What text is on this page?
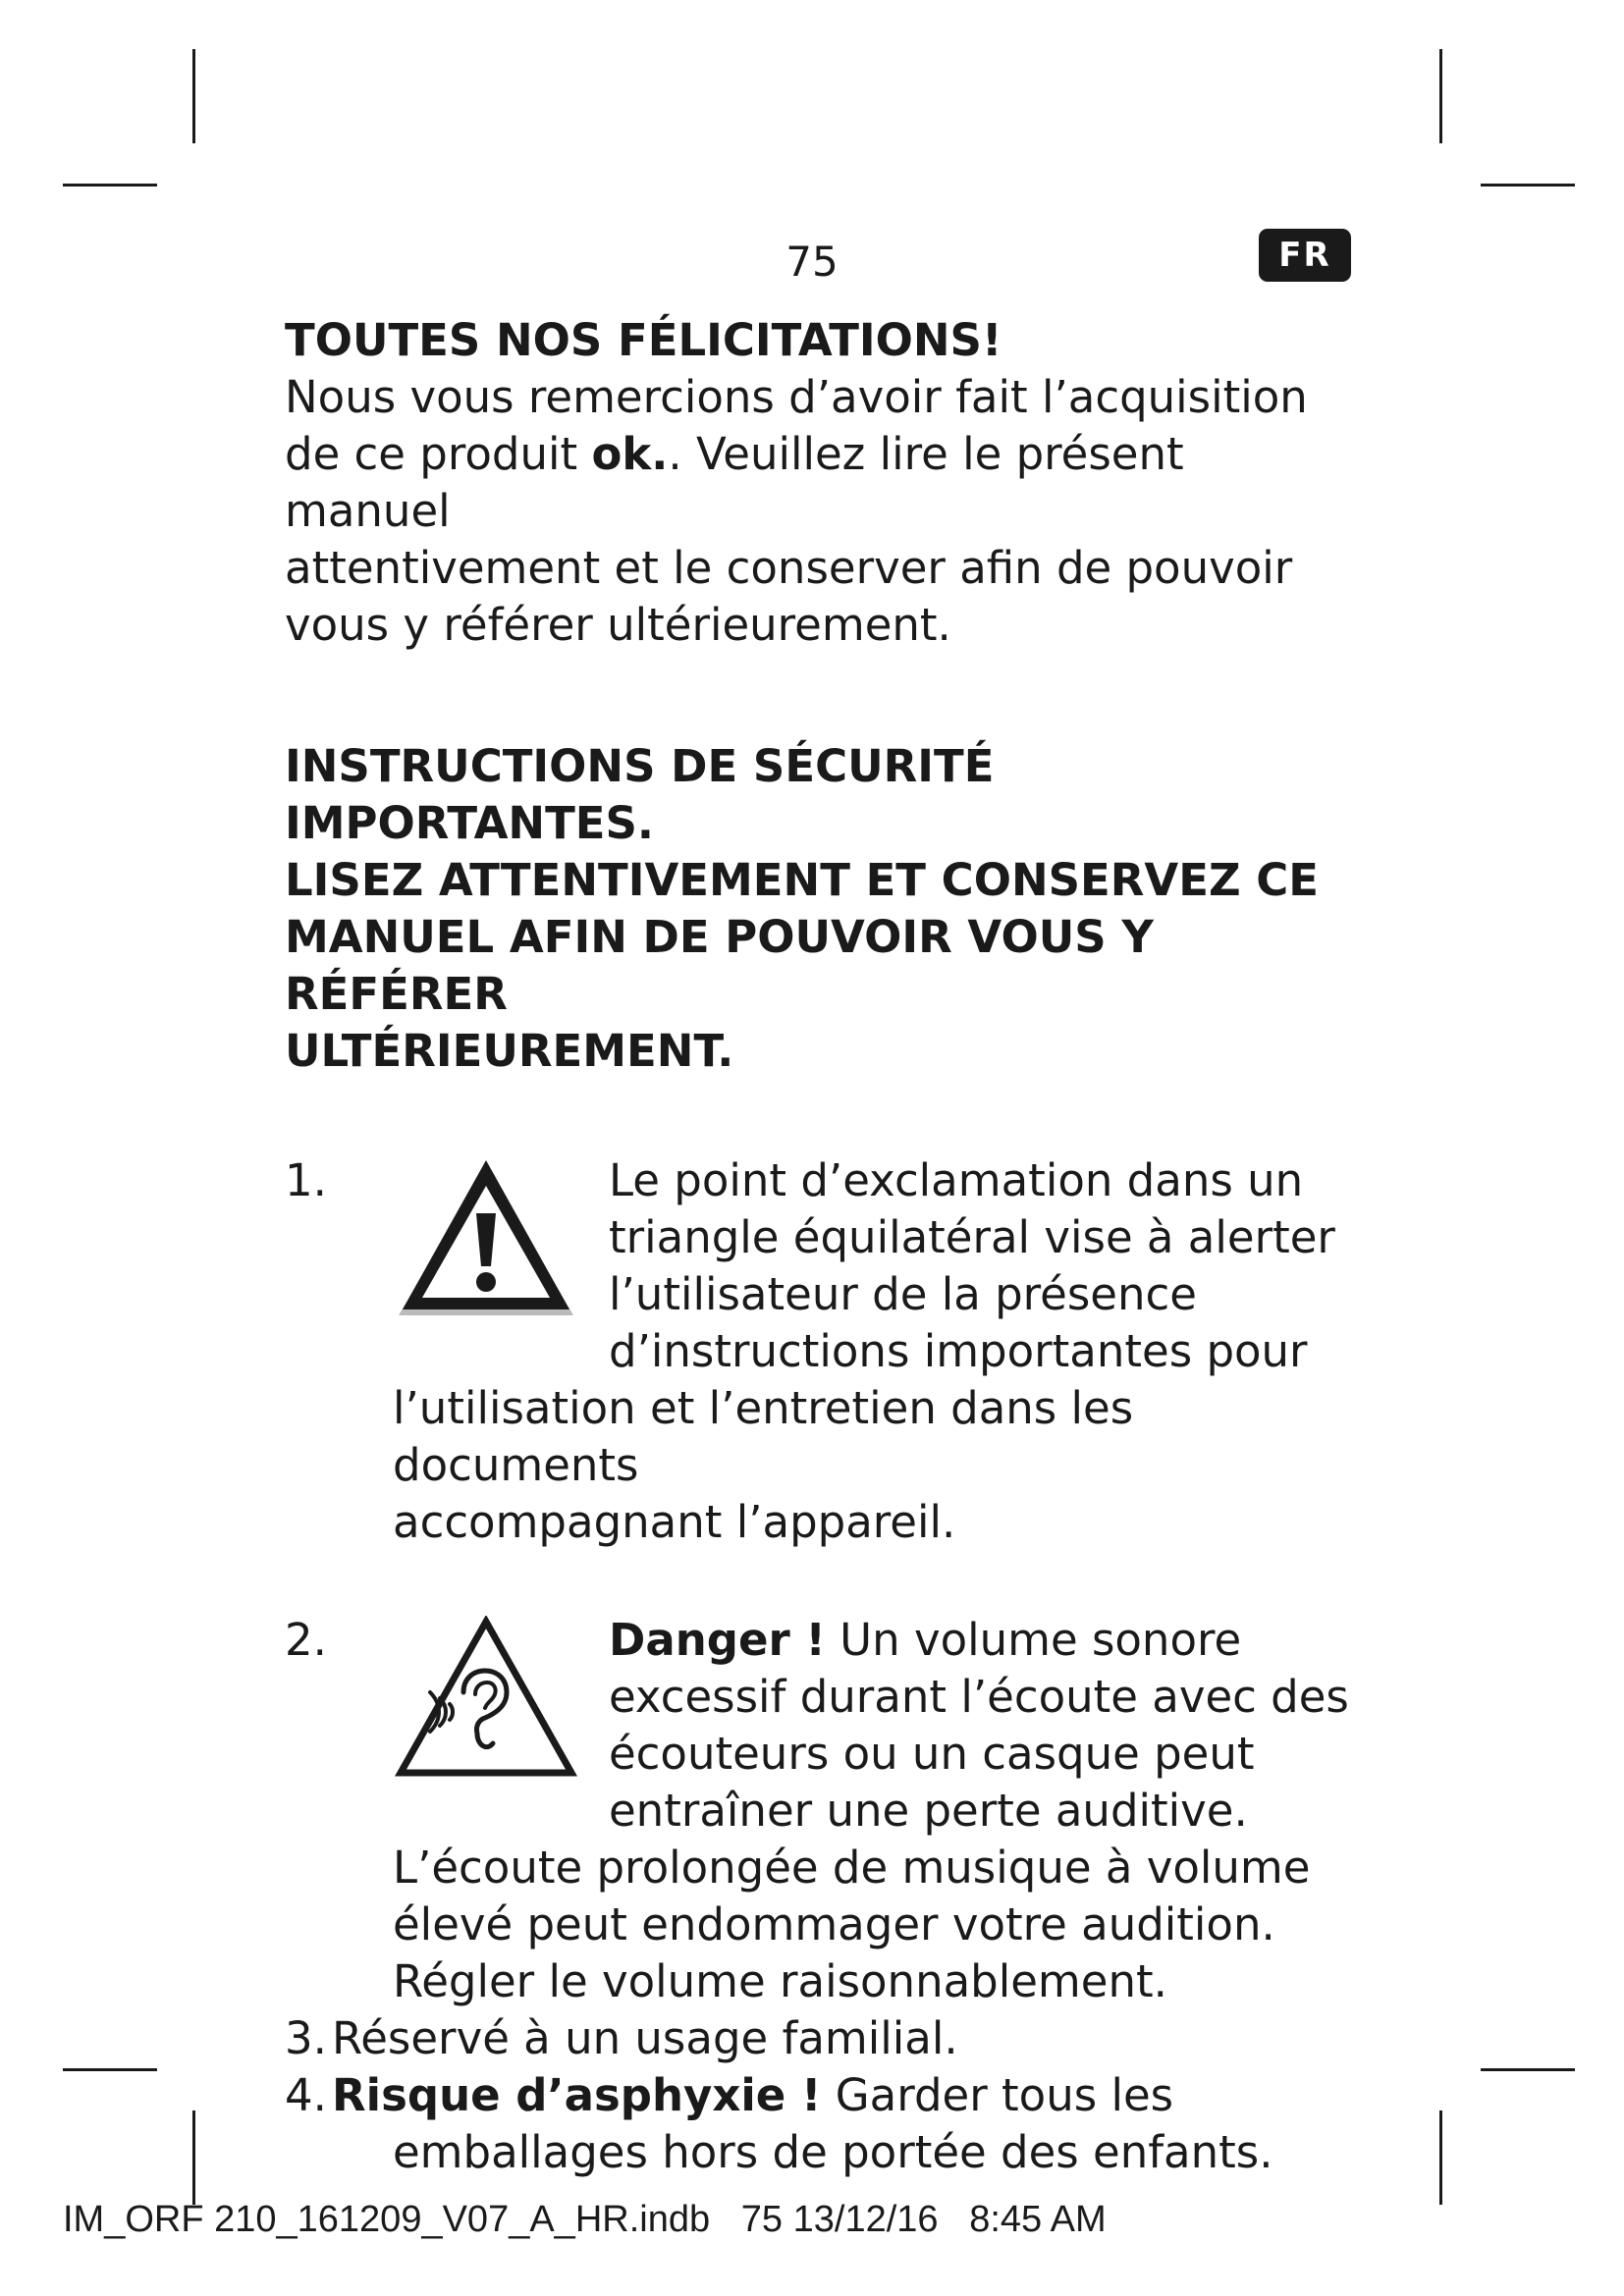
75	FR

TOUTES NOS FÉLICITATIONS!

Nous vous remercions d’avoir fait l’acquisition

de ce produit ok.. Veuillez lire le présent manuel

attentivement et le conserver afin de pouvoir

vous y référer ultérieurement.

INSTRUCTIONS DE SÉCURITÉ IMPORTANTES.

LISEZ ATTENTIVEMENT ET CONSERVEZ CE

MANUEL AFIN DE POUVOIR VOUS Y RÉFÉRER

ULTÉRIEUREMENT.

1.	Le point d’exclamation dans un
triangle équilatéral vise à alerter
l’utilisateur de la présence
d’instructions importantes pour
l’utilisation et l’entretien dans les documents
accompagnant l’appareil.
2.	Danger ! Un volume sonore
excessif durant l’écoute avec des
écouteurs ou un casque peut
entraîner une perte auditive.
L’écoute prolongée de musique à volume
élevé peut endommager votre audition.
Régler le volume raisonnablement.
3. Réservé à un usage familial.
4. Risque d’asphyxie ! Garder tous les
emballages hors de portée des enfants.
IM_ORF 210_161209_V07_A_HR.indb 75 13/12/16   8:45 AM
